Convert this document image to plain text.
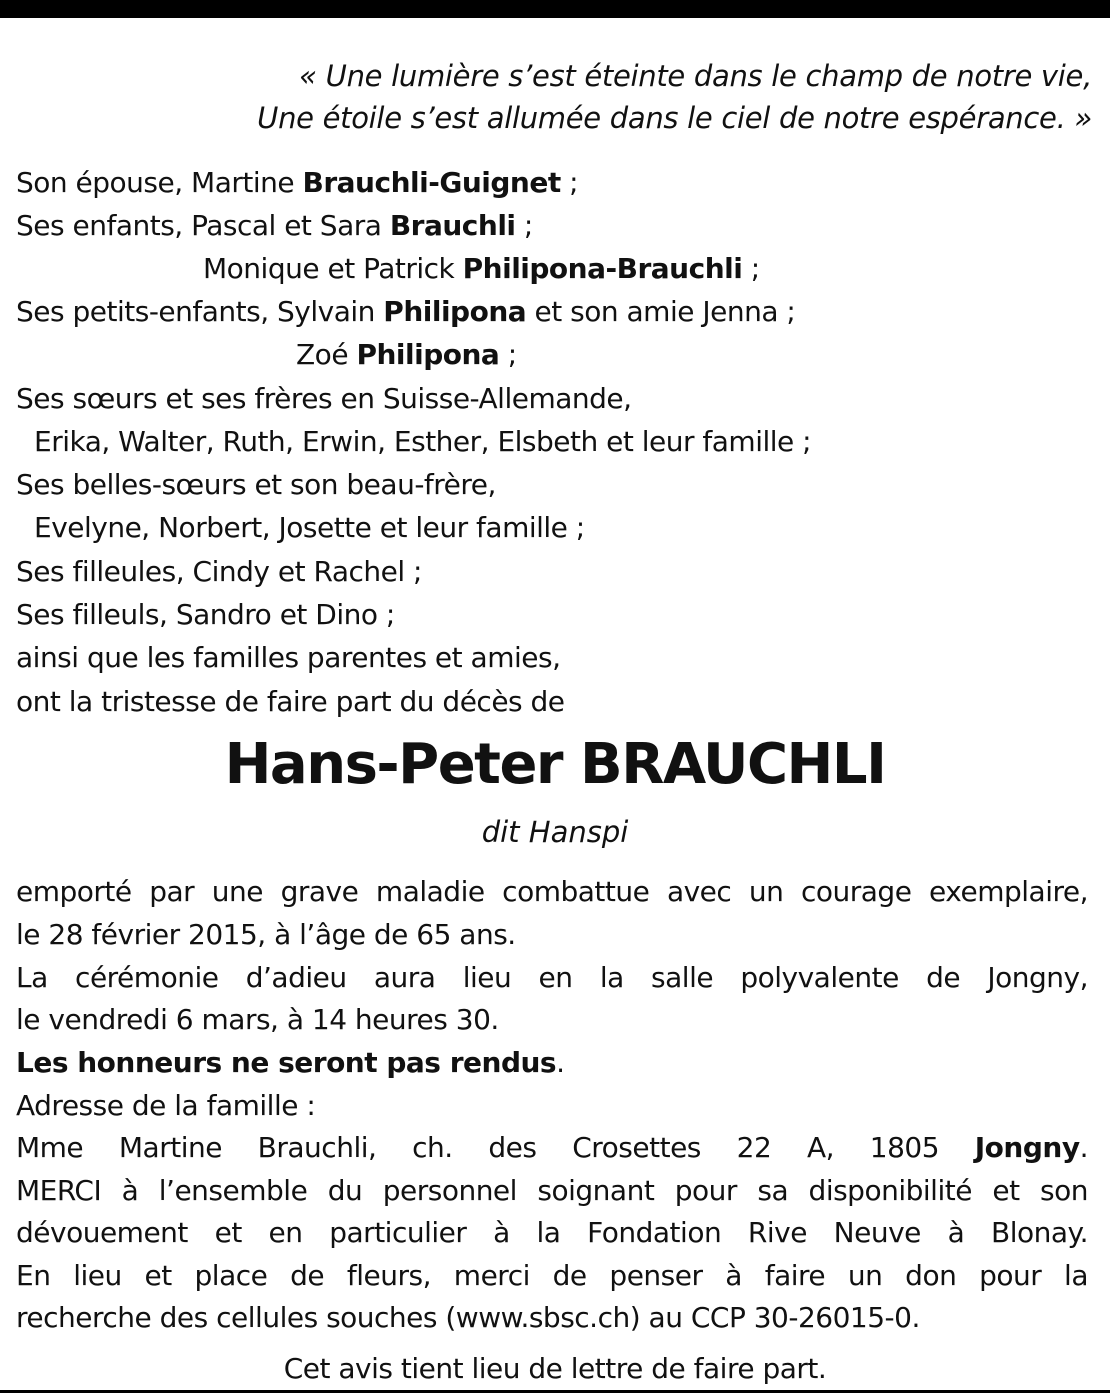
« Une lumière s’est éteinte dans le champ de notre vie,
Une étoile s’est allumée dans le ciel de notre espérance. »
Son épouse, Martine Brauchli-Guignet ;
Ses enfants, Pascal et Sara Brauchli ;
Monique et Patrick Philipona-Brauchli ;
Ses petits-enfants, Sylvain Philipona et son amie Jenna ;
Zoé Philipona ;
Ses sœurs et ses frères en Suisse-Allemande,
Erika, Walter, Ruth, Erwin, Esther, Elsbeth et leur famille ;
Ses belles-sœurs et son beau-frère,
Evelyne, Norbert, Josette et leur famille ;
Ses filleules, Cindy et Rachel ;
Ses filleuls, Sandro et Dino ;
ainsi que les familles parentes et amies,
ont la tristesse de faire part du décès de
Hans-Peter BRAUCHLI
dit Hanspi
emporté par une grave maladie combattue avec un courage exemplaire,
le 28 février 2015, à l’âge de 65 ans.
La cérémonie d’adieu aura lieu en la salle polyvalente de Jongny,
le vendredi 6 mars, à 14 heures 30.
Les honneurs ne seront pas rendus.
Adresse de la famille :
Mme Martine Brauchli, ch. des Crosettes 22 A, 1805 Jongny.
MERCI à l’ensemble du personnel soignant pour sa disponibilité et son
dévouement et en particulier à la Fondation Rive Neuve à Blonay.
En lieu et place de fleurs, merci de penser à faire un don pour la
recherche des cellules souches (www.sbsc.ch) au CCP 30-26015-0.
Cet avis tient lieu de lettre de faire part.
